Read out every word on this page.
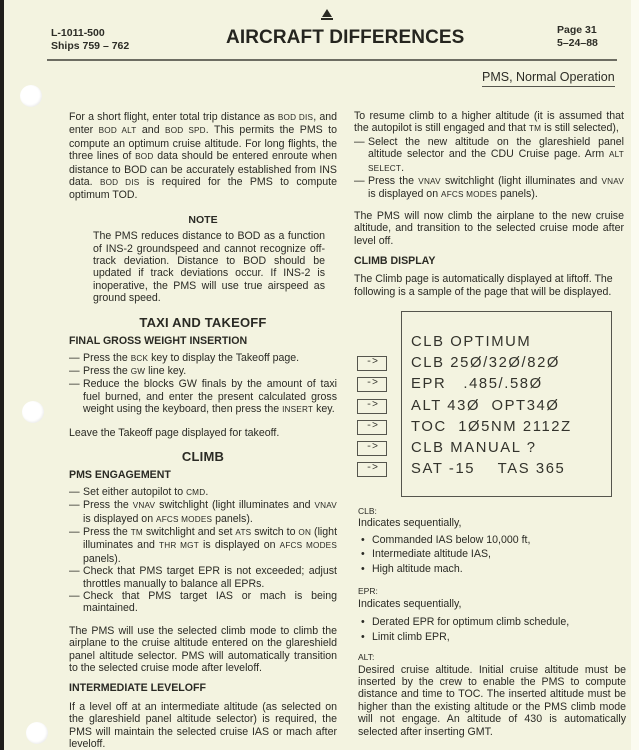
L-1011-500
Ships 759 – 762	AIRCRAFT DIFFERENCES	Page 31
5–24–88
PMS, Normal Operation

For a short flight, enter total trip distance as BOD DIS, and enter BOD ALT and BOD SPD. This permits the PMS to compute an optimum cruise altitude. For long flights, the three lines of BOD data should be entered enroute when distance to BOD can be accurately established from INS data. BOD DIS is required for the PMS to compute optimum TOD.

NOTE

The PMS reduces distance to BOD as a function of INS-2 groundspeed and cannot recognize off-track deviation. Distance to BOD should be updated if track deviations occur. If INS-2 is inoperative, the PMS will use true airspeed as ground speed.

TAXI AND TAKEOFF
FINAL GROSS WEIGHT INSERTION
— Press the BCK key to display the Takeoff page.
— Press the GW line key.
— Reduce the blocks GW finals by the amount of taxi fuel burned, and enter the present calculated gross weight using the keyboard, then press the INSERT key.

Leave the Takeoff page displayed for takeoff.

CLIMB
PMS ENGAGEMENT
— Set either autopilot to CMD.
— Press the VNAV switchlight (light illuminates and VNAV is displayed on AFCS MODES panels).
— Press the TM switchlight and set ATS switch to ON (light illuminates and THR MGT is displayed on AFCS MODES panels).
— Check that PMS target EPR is not exceeded; adjust throttles manually to balance all EPRs.
— Check that PMS target IAS or mach is being maintained.

The PMS will use the selected climb mode to climb the airplane to the cruise altitude entered on the glareshield panel altitude selector. PMS will automatically transition to the selected cruise mode after leveloff.

INTERMEDIATE LEVELOFF

If a level off at an intermediate altitude (as selected on the glareshield panel altitude selector) is required, the PMS will maintain the selected cruise IAS or mach after leveloff.

To resume climb to a higher altitude (it is assumed that the autopilot is still engaged and that TM is still selected),

— Select the new altitude on the glareshield panel altitude selector and the CDU Cruise page. Arm ALT SELECT.
— Press the VNAV switchlight (light illuminates and VNAV is displayed on AFCS MODES panels).

The PMS will now climb the airplane to the new cruise altitude, and transition to the selected cruise mode after level off.

CLIMB DISPLAY

The Climb page is automatically displayed at liftoff. The following is a sample of the page that will be displayed.

CLB OPTIMUM
CLB 25Ø/32Ø/82Ø
EPR   .485/.58Ø
ALT 43Ø  OPT34Ø
TOC  1Ø5NM 2112Z
CLB MANUAL ?
SAT -15    TAS 365
->
->
->
->
->
->
CLB:

Indicates sequentially,

• Commanded IAS below 10,000 ft,
• Intermediate altitude IAS,
• High altitude mach.
EPR:

Indicates sequentially,

• Derated EPR for optimum climb schedule,
• Limit climb EPR,
ALT:

Desired cruise altitude. Initial cruise altitude must be inserted by the crew to enable the PMS to compute distance and time to TOC. The inserted altitude must be higher than the existing altitude or the PMS climb mode will not engage. An altitude of 430 is automatically selected after inserting GMT.
